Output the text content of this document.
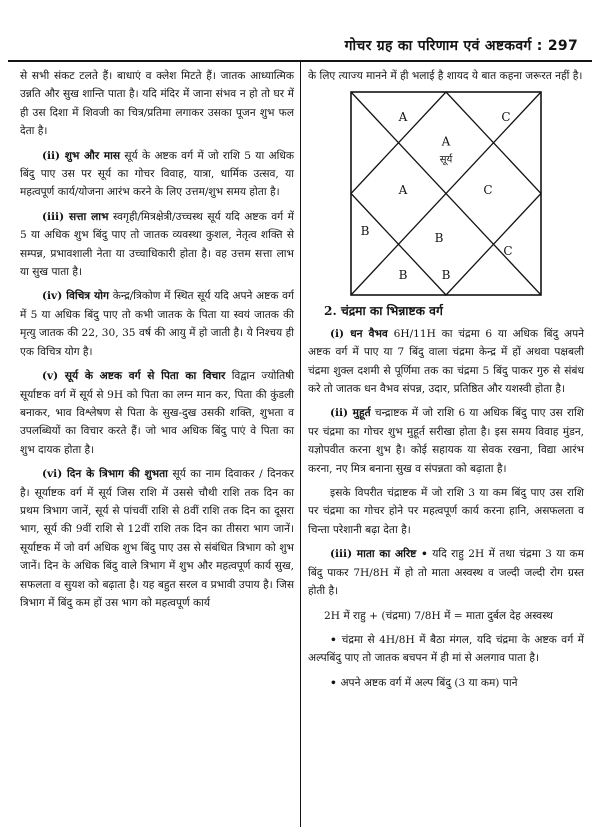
गोचर ग्रह का परिणाम एवं अष्टकवर्ग : 297

से सभी संकट टलते हैं। बाधाएं व क्लेश मिटते हैं। जातक आध्यात्मिक उन्नति और सुख शान्ति पाता है। यदि मंदिर में जाना संभव न हो तो घर में ही उस दिशा में शिवजी का चित्र/प्रतिमा लगाकर उसका पूजन शुभ फल देता है।

(ii) शुभ और मास सूर्य के अष्टक वर्ग में जो राशि 5 या अधिक बिंदु पाए उस पर सूर्य का गोचर विवाह, यात्रा, धार्मिक उत्सव, या महत्वपूर्ण कार्य/योजना आरंभ करने के लिए उत्तम/शुभ समय होता है।

(iii) सत्ता लाभ स्वगृही/मित्रक्षेत्री/उच्चस्थ सूर्य यदि अष्टक वर्ग में 5 या अधिक शुभ बिंदु पाए तो जातक व्यवस्था कुशल, नेतृत्व शक्ति से सम्पन्न, प्रभावशाली नेता या उच्चाधिकारी होता है। वह उत्तम सत्ता लाभ या सुख पाता है।

(iv) विचित्र योग केन्द्र/त्रिकोण में स्थित सूर्य यदि अपने अष्टक वर्ग में 5 या अधिक बिंदु पाए तो कभी जातक के पिता या स्वयं जातक की मृत्यु जातक की 22, 30, 35 वर्ष की आयु में हो जाती है। ये निश्चय ही एक विचित्र योग है।

(v) सूर्य के अष्टक वर्ग से पिता का विचार विद्वान ज्योतिषी सूर्याष्टक वर्ग में सूर्य से 9H को पिता का लग्न मान कर, पिता की कुंडली बनाकर, भाव विश्लेषण से पिता के सुख-दुख उसकी शक्ति, शुभता व उपलब्धियों का विचार करते हैं। जो भाव अधिक बिंदु पाएं वे पिता का शुभ दायक होता है।

(vi) दिन के त्रिभाग की शुभता सूर्य का नाम दिवाकर / दिनकर है। सूर्याष्टक वर्ग में सूर्य जिस राशि में उससे चौथी राशि तक दिन का प्रथम त्रिभाग जानें, सूर्य से पांचवीं राशि से 8वीं राशि तक दिन का दूसरा भाग, सूर्य की 9वीं राशि से 12वीं राशि तक दिन का तीसरा भाग जानें। सूर्याष्टक में जो वर्ग अधिक शुभ बिंदु पाए उस से संबंधित त्रिभाग को शुभ जानें। दिन के अधिक बिंदु वाले त्रिभाग में शुभ और महत्वपूर्ण कार्य सुख, सफलता व सुयश को बढ़ाता है। यह बहुत सरल व प्रभावी उपाय है। जिस त्रिभाग में बिंदु कम हों उस भाग को महत्वपूर्ण कार्य

के लिए त्याज्य मानने में ही भलाई है शायद ये बात कहना जरूरत नहीं है।

A	C
A
सूर्य
A	C
B	B
B	B
C

2. चंद्रमा का भिन्नाष्टक वर्ग

(i) धन वैभव 6H/11H का चंद्रमा 6 या अधिक बिंदु अपने अष्टक वर्ग में पाए या 7 बिंदु वाला चंद्रमा केन्द्र में हों अथवा पक्षबली चंद्रमा शुक्ल दशमी से पूर्णिमा तक का चंद्रमा 5 बिंदु पाकर गुरु से संबंध करे तो जातक धन वैभव संपन्न, उदार, प्रतिष्ठित और यशस्वी होता है।

(ii) मुहूर्त चन्द्राष्टक में जो राशि 6 या अधिक बिंदु पाए उस राशि पर चंद्रमा का गोचर शुभ मुहूर्त सरीखा होता है। इस समय विवाह मुंडन, यज्ञोपवीत करना शुभ है। कोई सहायक या सेवक रखना, विद्या आरंभ करना, नए मित्र बनाना सुख व संपन्नता को बढ़ाता है।

इसके विपरीत चंद्राष्टक में जो राशि 3 या कम बिंदु पाए उस राशि पर चंद्रमा का गोचर होने पर महत्वपूर्ण कार्य करना हानि, असफलता व चिन्ता परेशानी बढ़ा देता है।

(iii) माता का अरिष्ट • यदि राहु 2H में तथा चंद्रमा 3 या कम बिंदु पाकर 7H/8H में हो तो माता अस्वस्थ व जल्दी जल्दी रोग ग्रस्त होती है।

2H में राहु + (चंद्रमा) 7/8H में = माता दुर्बल देह अस्वस्थ

• चंद्रमा से 4H/8H में बैठा मंगल, यदि चंद्रमा के अष्टक वर्ग में अल्पबिंदु पाए तो जातक बचपन में ही मां से अलगाव पाता है।

• अपने अष्टक वर्ग में अल्प बिंदु (3 या कम) पाने
